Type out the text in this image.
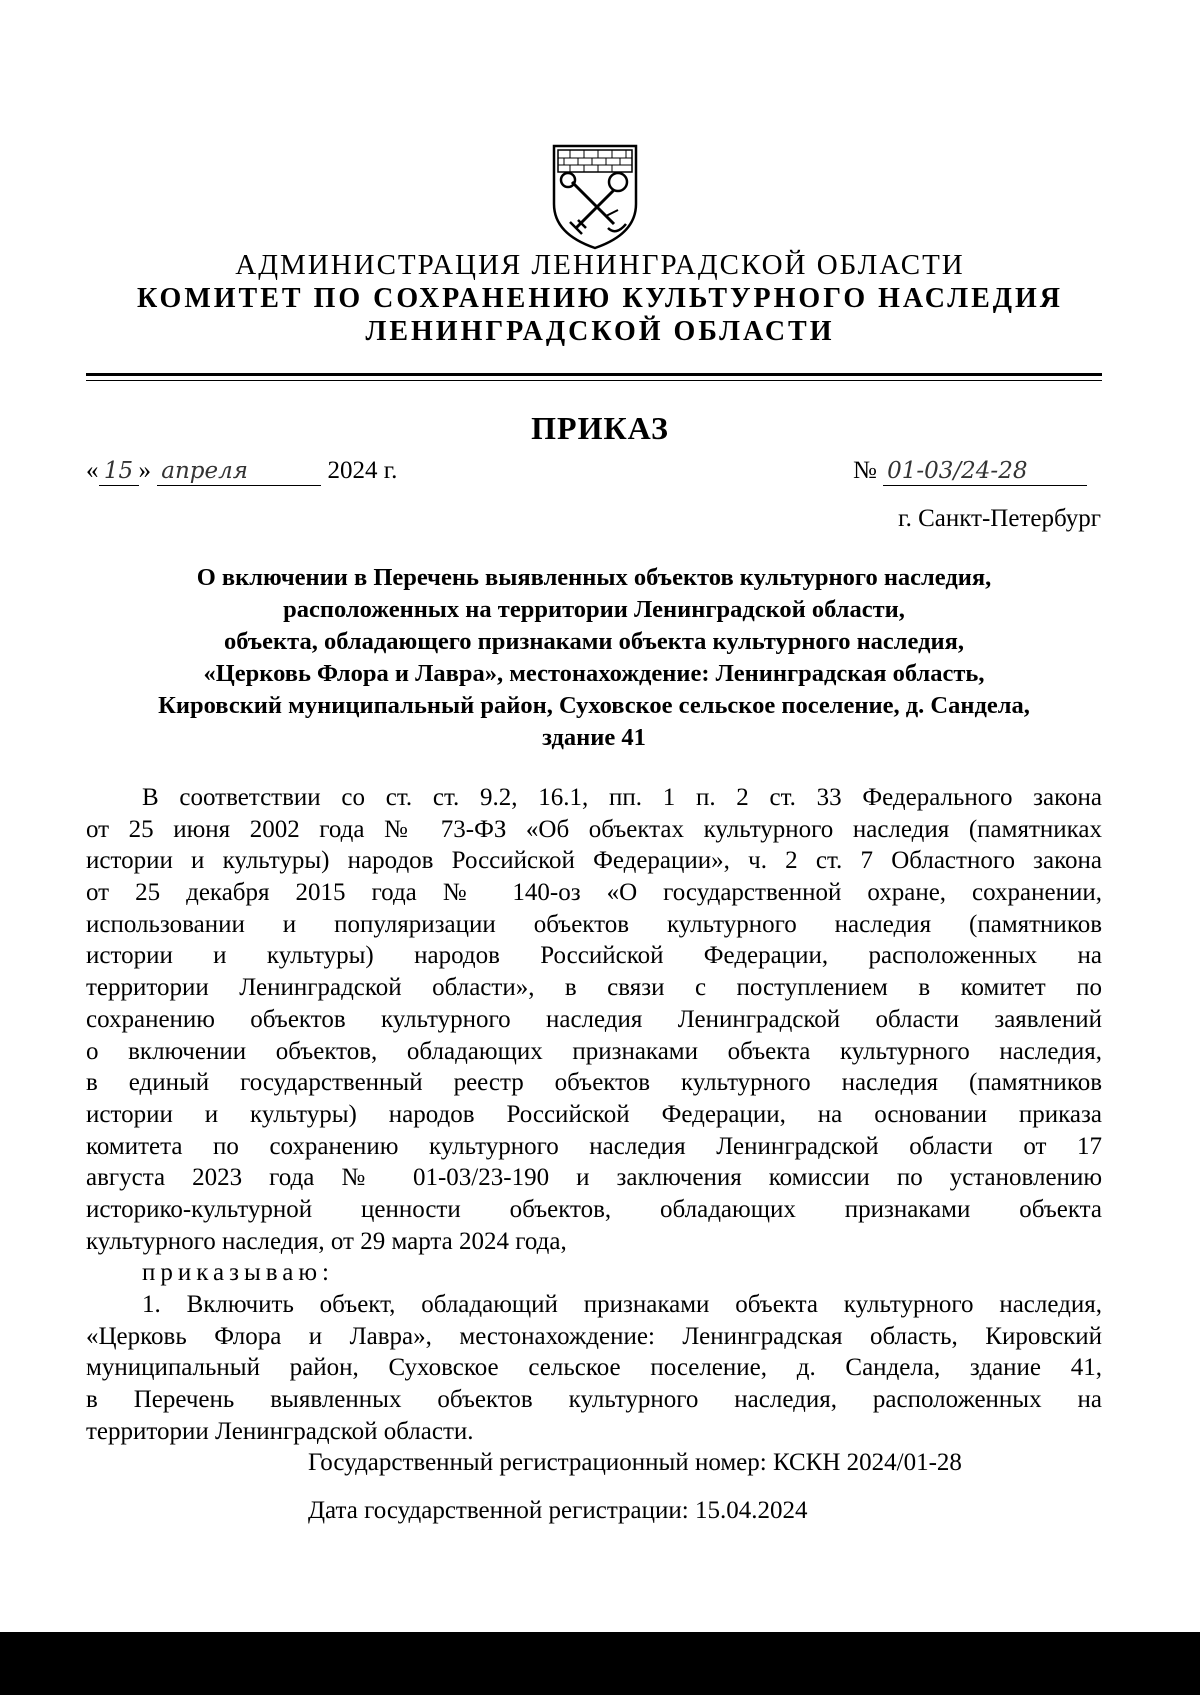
АДМИНИСТРАЦИЯ ЛЕНИНГРАДСКОЙ ОБЛАСТИ
КОМИТЕТ ПО СОХРАНЕНИЮ КУЛЬТУРНОГО НАСЛЕДИЯ
ЛЕНИНГРАДСКОЙ ОБЛАСТИ
ПРИКАЗ
« 15 » апреля	2024 г.	№ 01-03/24-28
г. Санкт-Петербург
О включении в Перечень выявленных объектов культурного наследия,
расположенных на территории Ленинградской области,
объекта, обладающего признаками объекта культурного наследия,
«Церковь Флора и Лавра», местонахождение: Ленинградская область,
Кировский муниципальный район, Суховское сельское поселение, д. Сандела,
здание 41
В соответствии со ст. ст. 9.2, 16.1, пп. 1 п. 2 ст. 33 Федерального закона
от 25 июня 2002 года № 73-ФЗ «Об объектах культурного наследия (памятниках
истории и культуры) народов Российской Федерации», ч. 2 ст. 7 Областного закона
от 25 декабря 2015 года № 140-оз «О государственной охране, сохранении,
использовании и популяризации объектов культурного наследия (памятников
истории и культуры) народов Российской Федерации, расположенных на
территории Ленинградской области», в связи с поступлением в комитет по
сохранению объектов культурного наследия Ленинградской области заявлений
о включении объектов, обладающих признаками объекта культурного наследия,
в единый государственный реестр объектов культурного наследия (памятников
истории и культуры) народов Российской Федерации, на основании приказа
комитета по сохранению культурного наследия Ленинградской области от 17
августа 2023 года № 01-03/23-190 и заключения комиссии по установлению
историко-культурной ценности объектов, обладающих признаками объекта
культурного наследия, от 29 марта 2024 года,
приказываю:
1. Включить объект, обладающий признаками объекта культурного наследия,
«Церковь Флора и Лавра», местонахождение: Ленинградская область, Кировский
муниципальный район, Суховское сельское поселение, д. Сандела, здание 41,
в Перечень выявленных объектов культурного наследия, расположенных на
территории Ленинградской области.
Государственный регистрационный номер: КСКН 2024/01-28
Дата государственной регистрации: 15.04.2024
